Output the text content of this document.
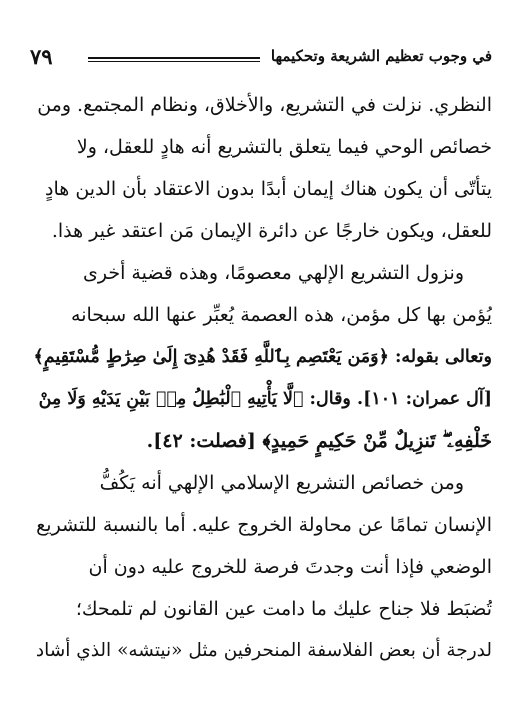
في وجوب تعظيم الشريعة وتحكيمها
٧٩
النظري. نزلت في التشريع، والأخلاق، ونظام المجتمع. ومن
خصائص الوحي فيما يتعلق بالتشريع أنه هادٍ للعقل، ولا
يتأتّى أن يكون هناك إيمان أبدًا بدون الاعتقاد بأن الدين هادٍ
للعقل، ويكون خارجًا عن دائرة الإيمان مَن اعتقد غير هذا.
ونزول التشريع الإلهي معصومًا، وهذه قضية أخرى
يُؤمن بها كل مؤمن، هذه العصمة يُعبِّر عنها الله سبحانه
وتعالى بقوله: ﴿وَمَن يَعْتَصِم بِٱللَّهِ فَقَدْ هُدِىَ إِلَىٰ صِرَٰطٍ مُّسْتَقِيمٍ﴾
[آل عمران: ١٠١]. وقال: ﴿لَّا يَأْتِيهِ ٱلْبَٰطِلُ مِنۢ بَيْنِ يَدَيْهِ وَلَا مِنْ
خَلْفِهِۦ ۖ تَنزِيلٌ مِّنْ حَكِيمٍ حَمِيدٍ﴾ [فصلت: ٤٢].
ومن خصائص التشريع الإسلامي الإلهي أنه يَكُفُّ
الإنسان تمامًا عن محاولة الخروج عليه. أما بالنسبة للتشريع
الوضعي فإذا أنت وجدتَ فرصة للخروج عليه دون أن
تُضبَط فلا جناح عليك ما دامت عين القانون لم تلمحك؛
لدرجة أن بعض الفلاسفة المنحرفين مثل «نيتشه» الذي أشاد
